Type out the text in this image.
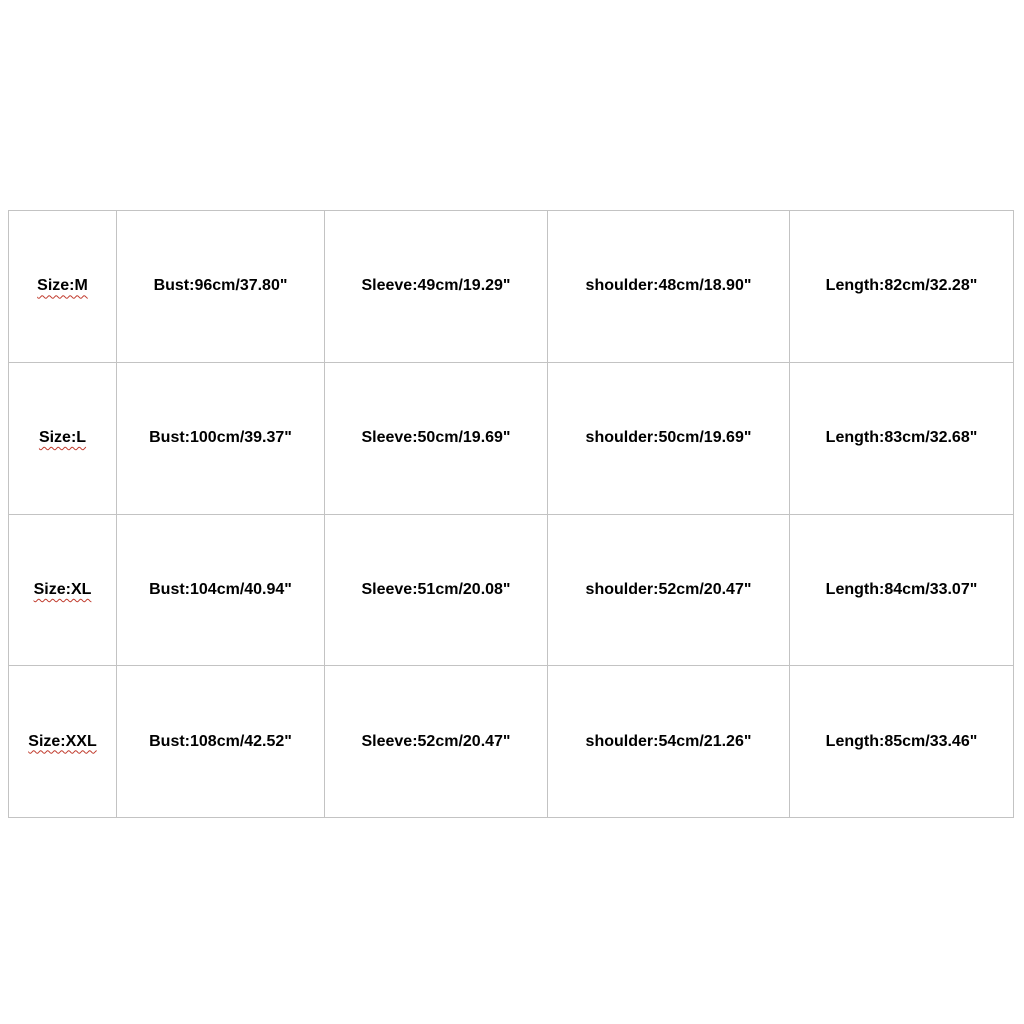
Size:M	Bust:96cm/37.80"	Sleeve:49cm/19.29"	shoulder:48cm/18.90"	Length:82cm/32.28"
Size:L	Bust:100cm/39.37"	Sleeve:50cm/19.69"	shoulder:50cm/19.69"	Length:83cm/32.68"
Size:XL	Bust:104cm/40.94"	Sleeve:51cm/20.08"	shoulder:52cm/20.47"	Length:84cm/33.07"
Size:XXL	Bust:108cm/42.52"	Sleeve:52cm/20.47"	shoulder:54cm/21.26"	Length:85cm/33.46"
